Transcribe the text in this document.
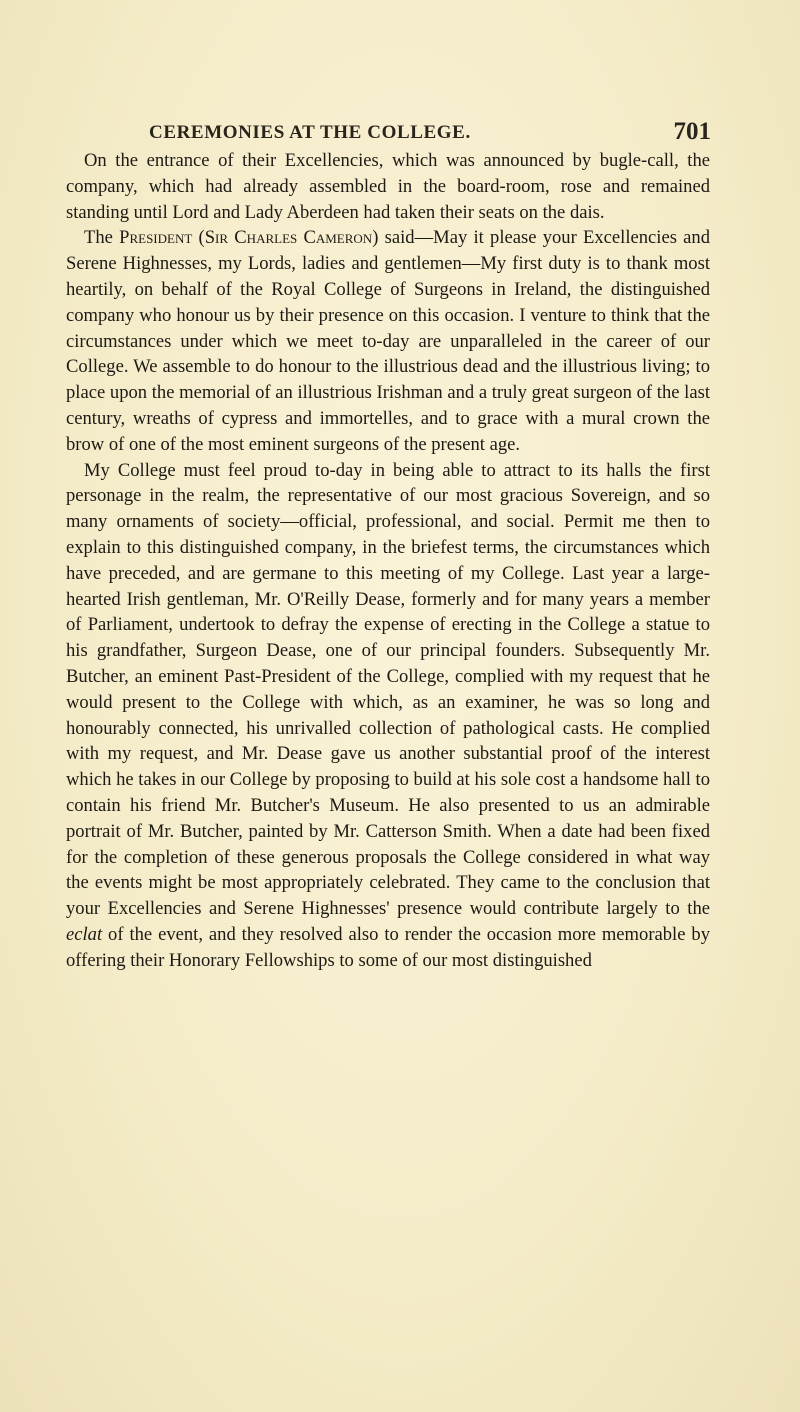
CEREMONIES AT THE COLLEGE.	701

On the entrance of their Excellencies, which was announced by bugle-call, the company, which had already assembled in the board-room, rose and remained standing until Lord and Lady Aberdeen had taken their seats on the dais.

The President (Sir Charles Cameron) said—May it please your Excellencies and Serene Highnesses, my Lords, ladies and gentlemen—My first duty is to thank most heartily, on behalf of the Royal College of Surgeons in Ireland, the distinguished company who honour us by their presence on this occasion. I venture to think that the circumstances under which we meet to-day are unparalleled in the career of our College. We assemble to do honour to the illustrious dead and the illustrious living; to place upon the memorial of an illustrious Irishman and a truly great surgeon of the last century, wreaths of cypress and immortelles, and to grace with a mural crown the brow of one of the most eminent surgeons of the present age.

My College must feel proud to-day in being able to attract to its halls the first personage in the realm, the representative of our most gracious Sovereign, and so many ornaments of society—official, professional, and social. Permit me then to explain to this distinguished company, in the briefest terms, the circumstances which have preceded, and are germane to this meeting of my College. Last year a large-hearted Irish gentleman, Mr. O'Reilly Dease, formerly and for many years a member of Parliament, undertook to defray the expense of erecting in the College a statue to his grandfather, Surgeon Dease, one of our principal founders. Subsequently Mr. Butcher, an eminent Past-President of the College, complied with my request that he would present to the College with which, as an examiner, he was so long and honourably connected, his unrivalled collection of pathological casts. He complied with my request, and Mr. Dease gave us another substantial proof of the interest which he takes in our College by proposing to build at his sole cost a handsome hall to contain his friend Mr. Butcher's Museum. He also presented to us an admirable portrait of Mr. Butcher, painted by Mr. Catterson Smith. When a date had been fixed for the completion of these generous proposals the College considered in what way the events might be most appropriately celebrated. They came to the conclusion that your Excellencies and Serene Highnesses' presence would contribute largely to the eclat of the event, and they resolved also to render the occasion more memorable by offering their Honorary Fellowships to some of our most distinguished
